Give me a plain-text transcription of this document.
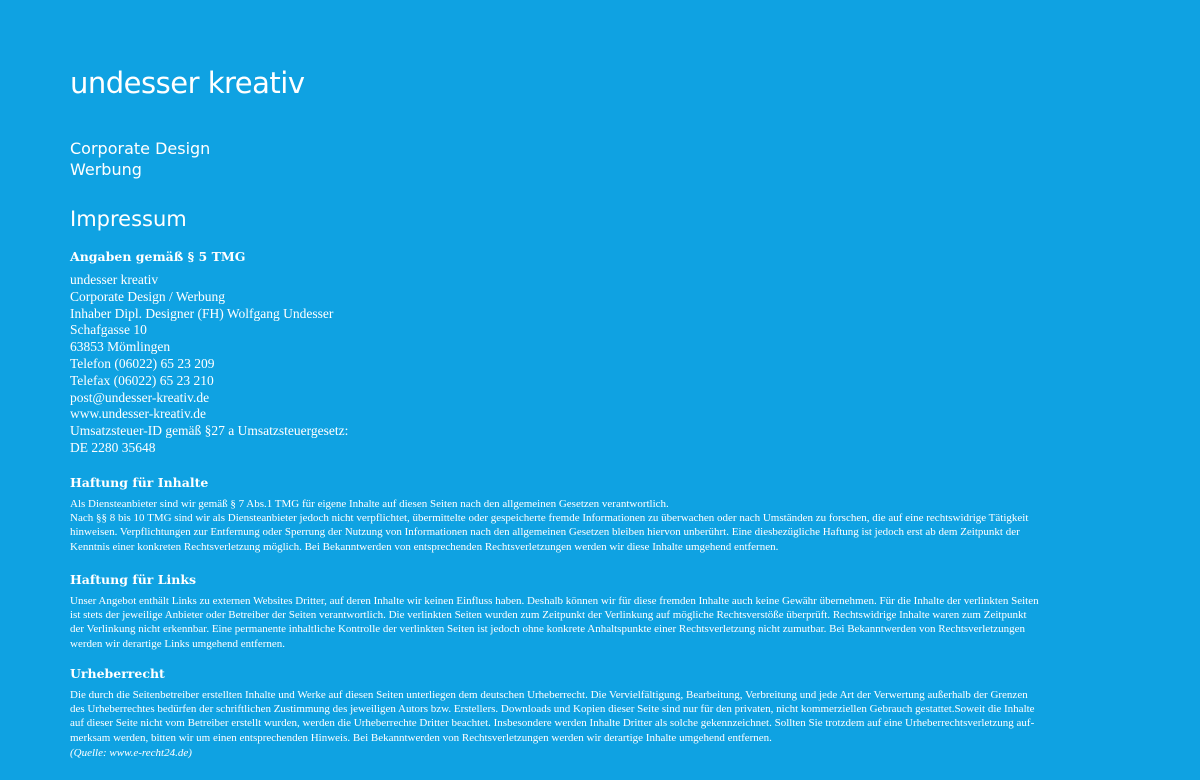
undesser kreativ
Corporate Design
Werbung
Impressum
Angaben gemäß § 5 TMG
undesser kreativ
Corporate Design / Werbung
Inhaber Dipl. Designer (FH) Wolfgang Undesser
Schafgasse 10
63853 Mömlingen
Telefon (06022) 65 23 209
Telefax (06022) 65 23 210
post@undesser-kreativ.de
www.undesser-kreativ.de
Umsatzsteuer-ID gemäß §27 a Umsatzsteuergesetz:
DE 2280 35648
Haftung für Inhalte

Als Diensteanbieter sind wir gemäß § 7 Abs.1 TMG für eigene Inhalte auf diesen Seiten nach den allgemeinen Gesetzen verantwortlich.
Nach §§ 8 bis 10 TMG sind wir als Diensteanbieter jedoch nicht verpflichtet, übermittelte oder gespeicherte fremde Informationen zu überwachen oder nach Umständen zu forschen, die auf eine rechtswidrige Tätigkeit
hinweisen. Verpflichtungen zur Entfernung oder Sperrung der Nutzung von Informationen nach den allgemeinen Gesetzen bleiben hiervon unberührt. Eine diesbezügliche Haftung ist jedoch erst ab dem Zeitpunkt der
Kenntnis einer konkreten Rechtsverletzung möglich. Bei Bekanntwerden von entsprechenden Rechtsverletzungen werden wir diese Inhalte umgehend entfernen.

Haftung für Links

Unser Angebot enthält Links zu externen Websites Dritter, auf deren Inhalte wir keinen Einfluss haben. Deshalb können wir für diese fremden Inhalte auch keine Gewähr übernehmen. Für die Inhalte der verlinkten Seiten
ist stets der jeweilige Anbieter oder Betreiber der Seiten verantwortlich. Die verlinkten Seiten wurden zum Zeitpunkt der Verlinkung auf mögliche Rechtsverstöße überprüft. Rechtswidrige Inhalte waren zum Zeitpunkt
der Verlinkung nicht erkennbar. Eine permanente inhaltliche Kontrolle der verlinkten Seiten ist jedoch ohne konkrete Anhaltspunkte einer Rechtsverletzung nicht zumutbar. Bei Bekanntwerden von Rechtsverletzungen
werden wir derartige Links umgehend entfernen.

Urheberrecht

Die durch die Seitenbetreiber erstellten Inhalte und Werke auf diesen Seiten unterliegen dem deutschen Urheberrecht. Die Vervielfältigung, Bearbeitung, Verbreitung und jede Art der Verwertung außerhalb der Grenzen
des Urheberrechtes bedürfen der schriftlichen Zustimmung des jeweiligen Autors bzw. Erstellers. Downloads und Kopien dieser Seite sind nur für den privaten, nicht kommerziellen Gebrauch gestattet.Soweit die Inhalte
auf dieser Seite nicht vom Betreiber erstellt wurden, werden die Urheberrechte Dritter beachtet. Insbesondere werden Inhalte Dritter als solche gekennzeichnet. Sollten Sie trotzdem auf eine Urheberrechtsverletzung auf-
merksam werden, bitten wir um einen entsprechenden Hinweis. Bei Bekanntwerden von Rechtsverletzungen werden wir derartige Inhalte umgehend entfernen.

(Quelle: www.e-recht24.de)
